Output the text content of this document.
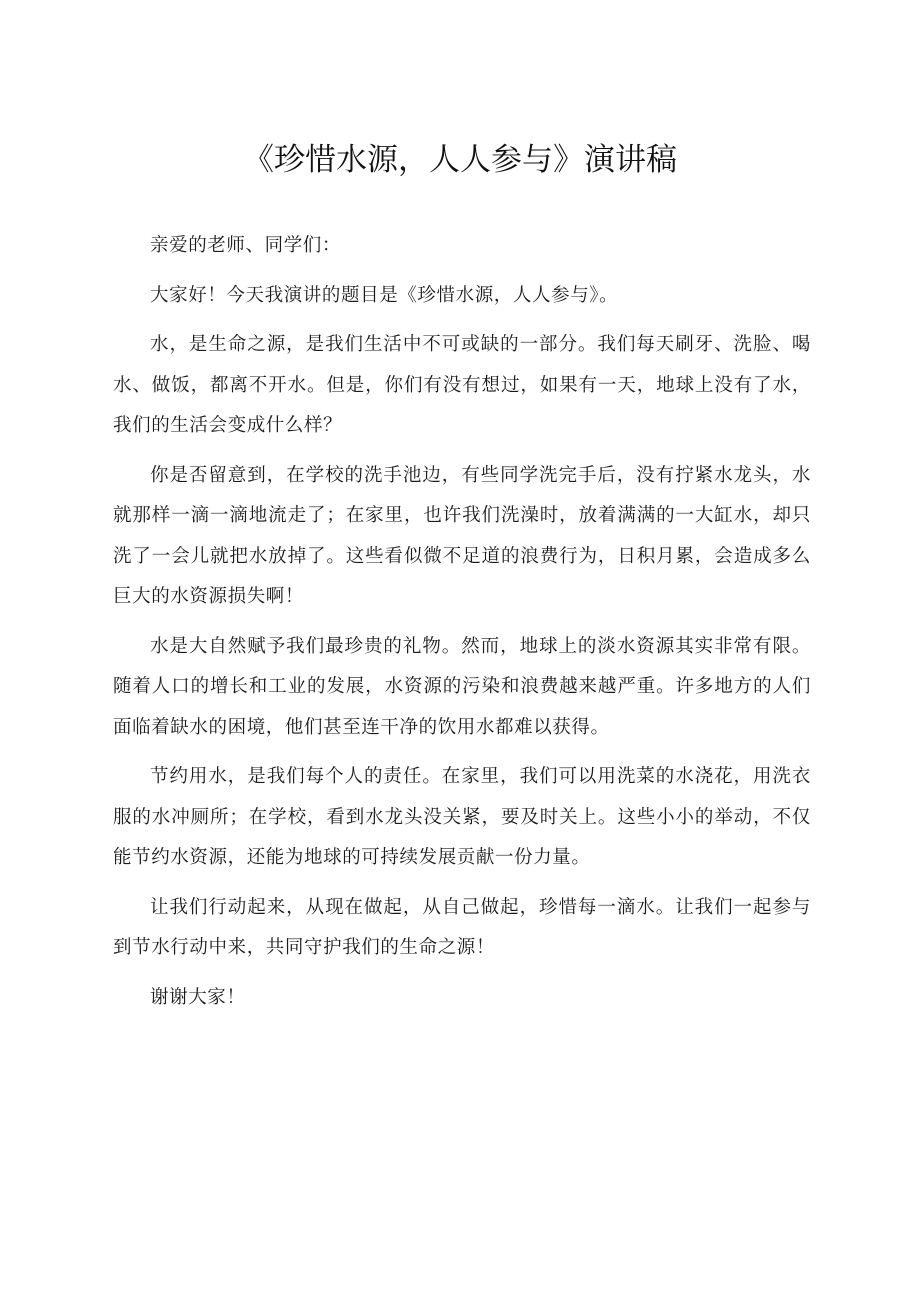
《珍惜水源，人人参与》演讲稿

亲爱的老师、同学们：

大家好！今天我演讲的题目是《珍惜水源，人人参与》。

水，是生命之源，是我们生活中不可或缺的一部分。我们每天刷牙、洗脸、喝水、做饭，都离不开水。但是，你们有没有想过，如果有一天，地球上没有了水，我们的生活会变成什么样？

你是否留意到，在学校的洗手池边，有些同学洗完手后，没有拧紧水龙头，水就那样一滴一滴地流走了；在家里，也许我们洗澡时，放着满满的一大缸水，却只洗了一会儿就把水放掉了。这些看似微不足道的浪费行为，日积月累，会造成多么巨大的水资源损失啊！

水是大自然赋予我们最珍贵的礼物。然而，地球上的淡水资源其实非常有限。随着人口的增长和工业的发展，水资源的污染和浪费越来越严重。许多地方的人们面临着缺水的困境，他们甚至连干净的饮用水都难以获得。

节约用水，是我们每个人的责任。在家里，我们可以用洗菜的水浇花，用洗衣服的水冲厕所；在学校，看到水龙头没关紧，要及时关上。这些小小的举动，不仅能节约水资源，还能为地球的可持续发展贡献一份力量。

让我们行动起来，从现在做起，从自己做起，珍惜每一滴水。让我们一起参与到节水行动中来，共同守护我们的生命之源！

谢谢大家！
